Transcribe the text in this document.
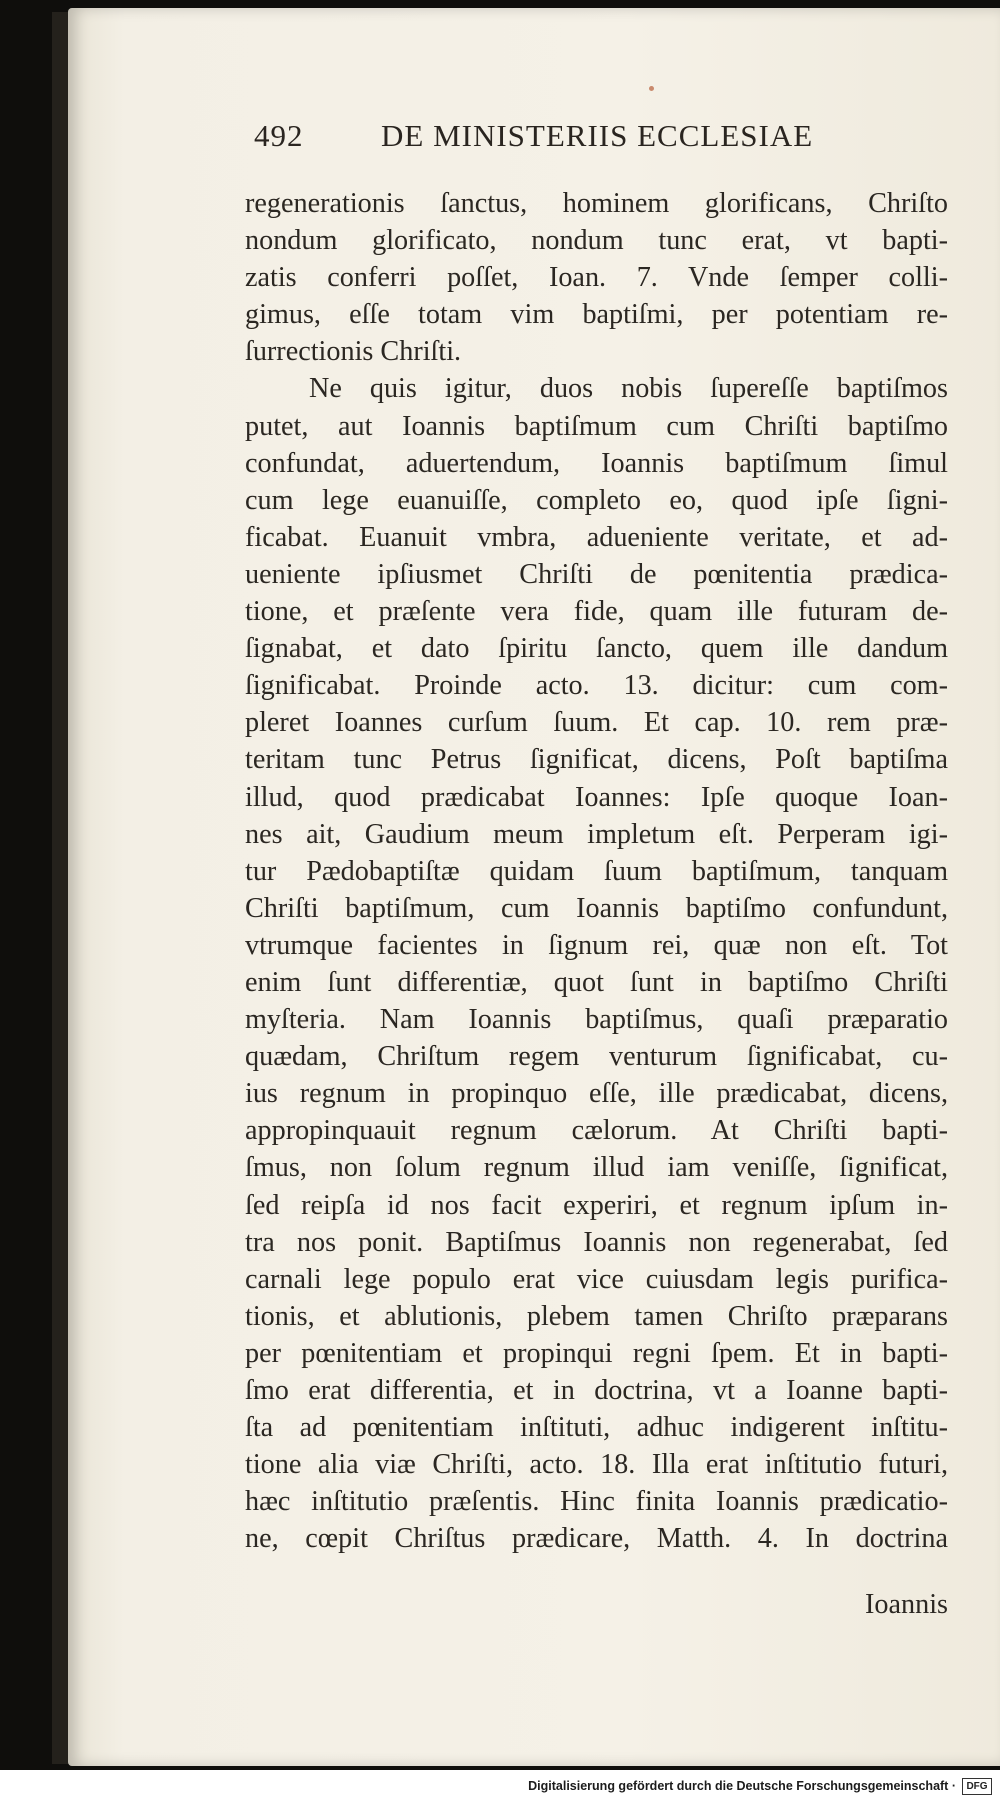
492	DE MINISTERIIS ECCLESIAE
regenerationis ſanctus, hominem glorificans, Chriſto
nondum glorificato, nondum tunc erat, vt bapti-
zatis conferri poſſet, Ioan. 7. Vnde ſemper colli-
gimus, eſſe totam vim baptiſmi, per potentiam re-
ſurrectionis Chriſti.
Ne quis igitur, duos nobis ſupereſſe baptiſmos
putet, aut Ioannis baptiſmum cum Chriſti baptiſmo
confundat, aduertendum, Ioannis baptiſmum ſimul
cum lege euanuiſſe, completo eo, quod ipſe ſigni-
ficabat. Euanuit vmbra, adueniente veritate, et ad-
ueniente ipſiusmet Chriſti de pœnitentia prædica-
tione, et præſente vera fide, quam ille futuram de-
ſignabat, et dato ſpiritu ſancto, quem ille dandum
ſignificabat. Proinde acto. 13. dicitur: cum com-
pleret Ioannes curſum ſuum. Et cap. 10. rem præ-
teritam tunc Petrus ſignificat, dicens, Poſt baptiſma
illud, quod prædicabat Ioannes: Ipſe quoque Ioan-
nes ait, Gaudium meum impletum eſt. Perperam igi-
tur Pædobaptiſtæ quidam ſuum baptiſmum, tanquam
Chriſti baptiſmum, cum Ioannis baptiſmo confundunt,
vtrumque facientes in ſignum rei, quæ non eſt. Tot
enim ſunt differentiæ, quot ſunt in baptiſmo Chriſti
myſteria. Nam Ioannis baptiſmus, quaſi præparatio
quædam, Chriſtum regem venturum ſignificabat, cu-
ius regnum in propinquo eſſe, ille prædicabat, dicens,
appropinquauit regnum cælorum. At Chriſti bapti-
ſmus, non ſolum regnum illud iam veniſſe, ſignificat,
ſed reipſa id nos facit experiri, et regnum ipſum in-
tra nos ponit. Baptiſmus Ioannis non regenerabat, ſed
carnali lege populo erat vice cuiusdam legis purifica-
tionis, et ablutionis, plebem tamen Chriſto præparans
per pœnitentiam et propinqui regni ſpem. Et in bapti-
ſmo erat differentia, et in doctrina, vt a Ioanne bapti-
ſta ad pœnitentiam inſtituti, adhuc indigerent inſtitu-
tione alia viæ Chriſti, acto. 18. Illa erat inſtitutio futuri,
hæc inſtitutio præſentis. Hinc finita Ioannis prædicatio-
ne, cœpit Chriſtus prædicare, Matth. 4. In doctrina
Ioannis
Digitalisierung gefördert durch die Deutsche Forschungsgemeinschaft ·	DFG
